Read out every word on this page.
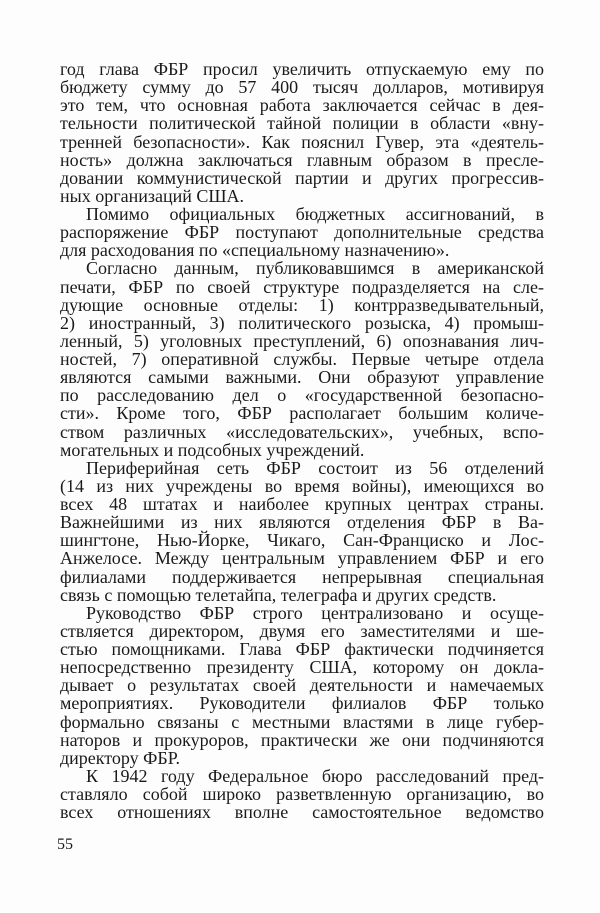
год глава ФБР просил увеличить отпускаемую ему по
бюджету сумму до 57 400 тысяч долларов, мотивируя
это тем, что основная работа заключается сейчас в дея-
тельности политической тайной полиции в области «вну-
тренней безопасности». Как пояснил Гувер, эта «деятель-
ность» должна заключаться главным образом в пресле-
довании коммунистической партии и других прогрессив-
ных организаций США.
Помимо официальных бюджетных ассигнований, в
распоряжение ФБР поступают дополнительные средства
для расходования по «специальному назначению».
Согласно данным, публиковавшимся в американской
печати, ФБР по своей структуре подразделяется на сле-
дующие основные отделы: 1) контрразведывательный,
2) иностранный, 3) политического розыска, 4) промыш-
ленный, 5) уголовных преступлений, 6) опознавания лич-
ностей, 7) оперативной службы. Первые четыре отдела
являются самыми важными. Они образуют управление
по расследованию дел о «государственной безопасно-
сти». Кроме того, ФБР располагает большим количе-
ством различных «исследовательских», учебных, вспо-
могательных и подсобных учреждений.
Периферийная сеть ФБР состоит из 56 отделений
(14 из них учреждены во время войны), имеющихся во
всех 48 штатах и наиболее крупных центрах страны.
Важнейшими из них являются отделения ФБР в Ва-
шингтоне, Нью-Йорке, Чикаго, Сан-Франциско и Лос-
Анжелосе. Между центральным управлением ФБР и его
филиалами поддерживается непрерывная специальная
связь с помощью телетайпа, телеграфа и других средств.
Руководство ФБР строго централизовано и осуще-
ствляется директором, двумя его заместителями и ше-
стью помощниками. Глава ФБР фактически подчиняется
непосредственно президенту США, которому он докла-
дывает о результатах своей деятельности и намечаемых
мероприятиях. Руководители филиалов ФБР только
формально связаны с местными властями в лице губер-
наторов и прокуроров, практически же они подчиняются
директору ФБР.
К 1942 году Федеральное бюро расследований пред-
ставляло собой широко разветвленную организацию, во
всех отношениях вполне самостоятельное ведомство
55
